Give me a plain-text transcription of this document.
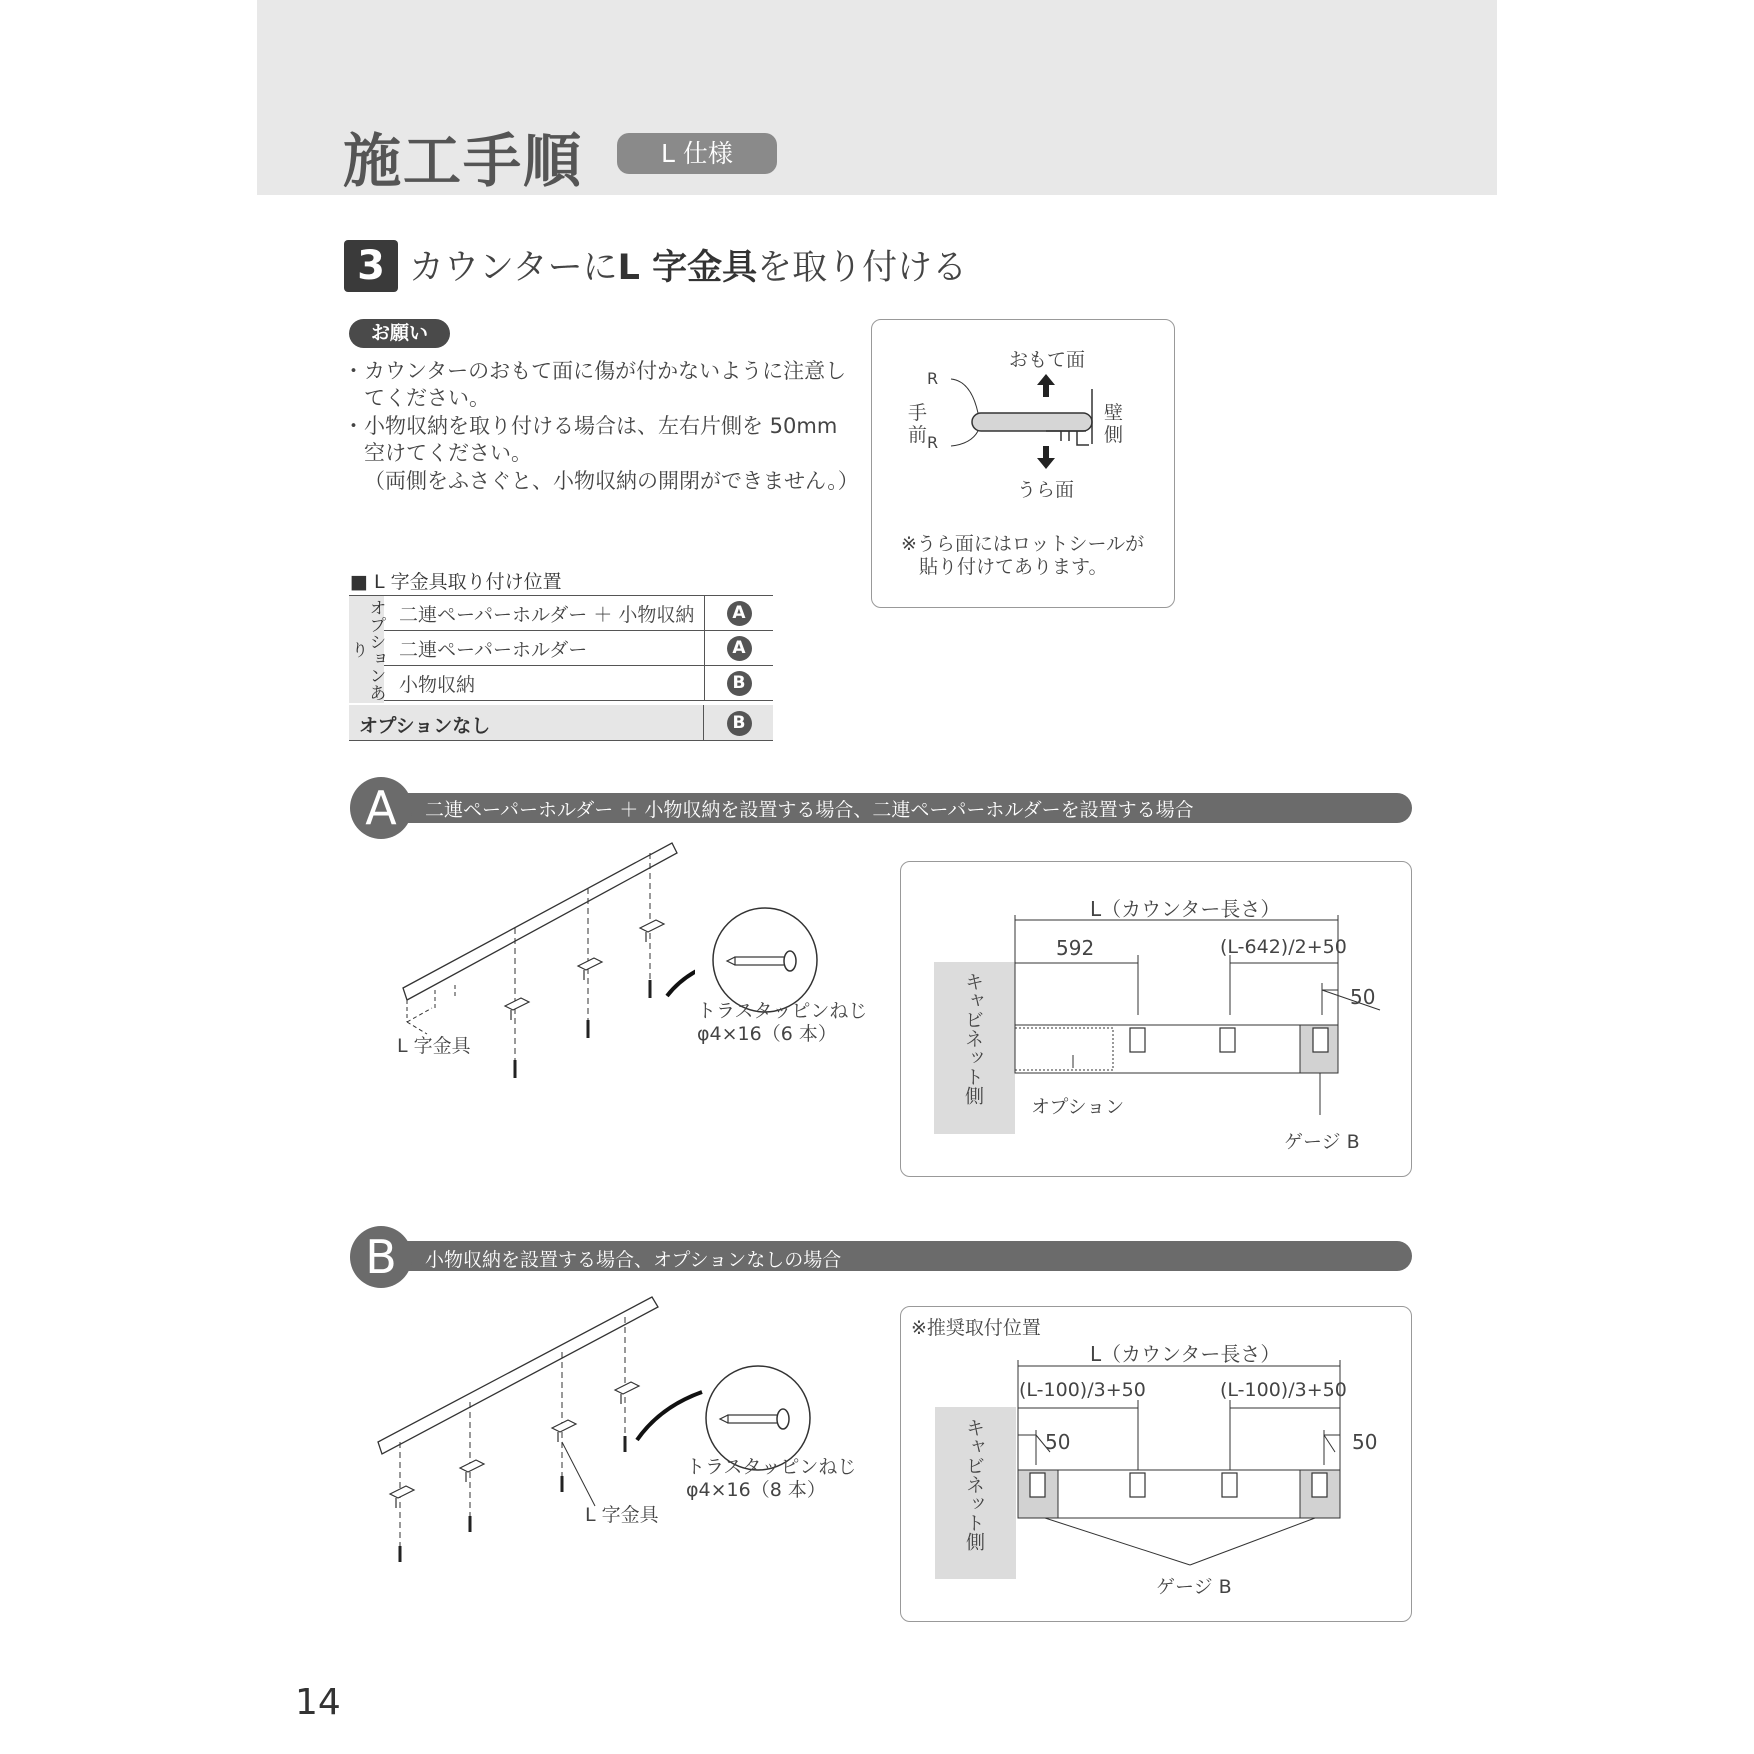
施工手順	L 仕様
3 カウンターにL 字金具を取り付ける
お願い
・カウンターのおもて面に傷が付かないように注意し
てください。
・小物収納を取り付ける場合は、左右片側を 50mm
空けてください。
（両側をふさぐと、小物収納の開閉ができません。）
おもて面
うら面
R
R
手
前
壁
側
※うら面にはロットシールが
貼り付けてあります。
■ L 字金具取り付け位置
オプションあり
二連ペーパーホルダー ＋ 小物収納	A
二連ペーパーホルダー	A
小物収納	B
オプションなし	B
A	二連ペーパーホルダー ＋ 小物収納を設置する場合、二連ペーパーホルダーを設置する場合
L 字金具
トラスタッピンねじ
φ4×16（6 本）	キャビネット側
L（カウンター長さ）
592	(L-642)/2+50
50
オプション
ゲージ B
B	小物収納を設置する場合、オプションなしの場合
L 字金具
トラスタッピンねじ
φ4×16（8 本）
※推奨取付位置
キャビネット側
L（カウンター長さ）
(L-100)/3+50	(L-100)/3+50
50	50
ゲージ B
14
